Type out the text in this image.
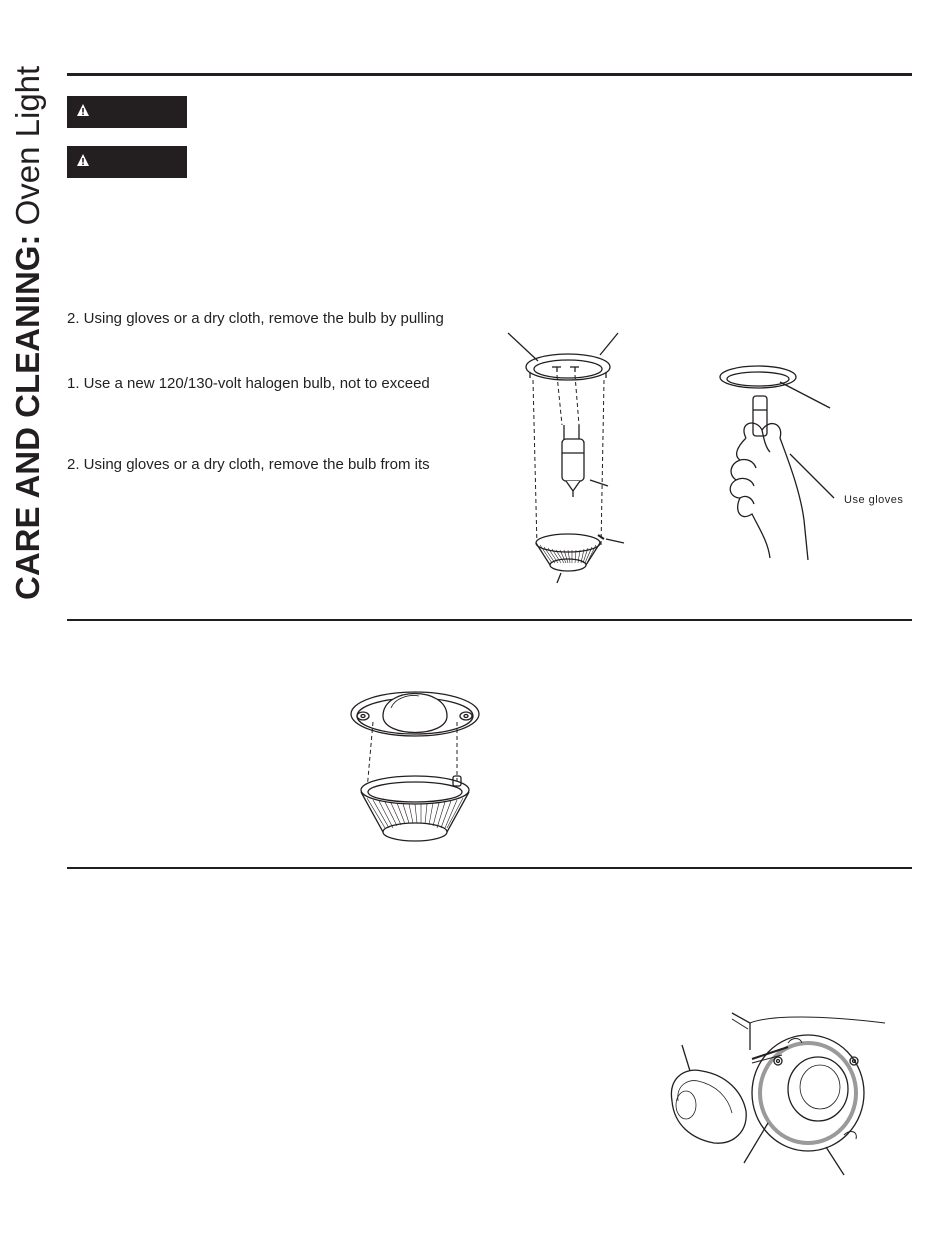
CARE AND CLEANING: Oven Light
2. Using gloves or a dry cloth, remove the bulb by pulling
1. Use a new 120/130-volt halogen bulb, not to exceed
2. Using gloves or a dry cloth, remove the bulb from its
Use gloves
